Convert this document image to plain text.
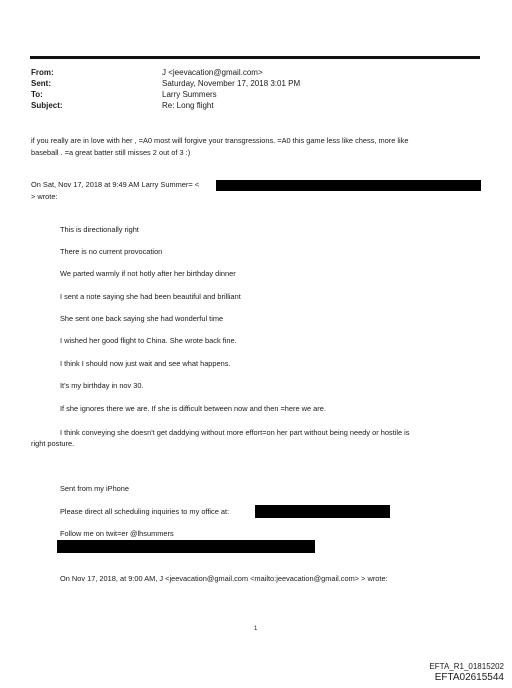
From:	J <jeevacation@gmail.com>
Sent:	Saturday, November 17, 2018 3:01 PM
To:	Larry Summers
Subject:	Re: Long flight
if you really are in love with her , =A0 most will forgive your transgressions. =A0 this game less like chess, more like
baseball . =a great batter still misses 2 out of 3 :)
On Sat, Nov 17, 2018 at 9:49 AM Larry Summer= <
> wrote:
This is directionally right
There is no current provocation
We parted warmly if not hotly after her birthday dinner
I sent a note saying she had been beautiful and brilliant
She sent one back saying she had wonderful time
I wished her good flight to China. She wrote back fine.
I think I should now just wait and see what happens.
It's my birthday in nov 30.
If she ignores there we are. If she is difficult between now and then =here we are.
I think conveying she doesn't get daddying without more effort=on her part without being needy or hostile is
right posture.
Sent from my iPhone
Please direct all scheduling inquiries to my office at:
Follow me on twit=er @lhsummers
On Nov 17, 2018, at 9:00 AM, J <jeevacation@gmail.com <mailto:jeevacation@gmail.com> > wrote:
1
EFTA_R1_01815202
EFTA02615544
